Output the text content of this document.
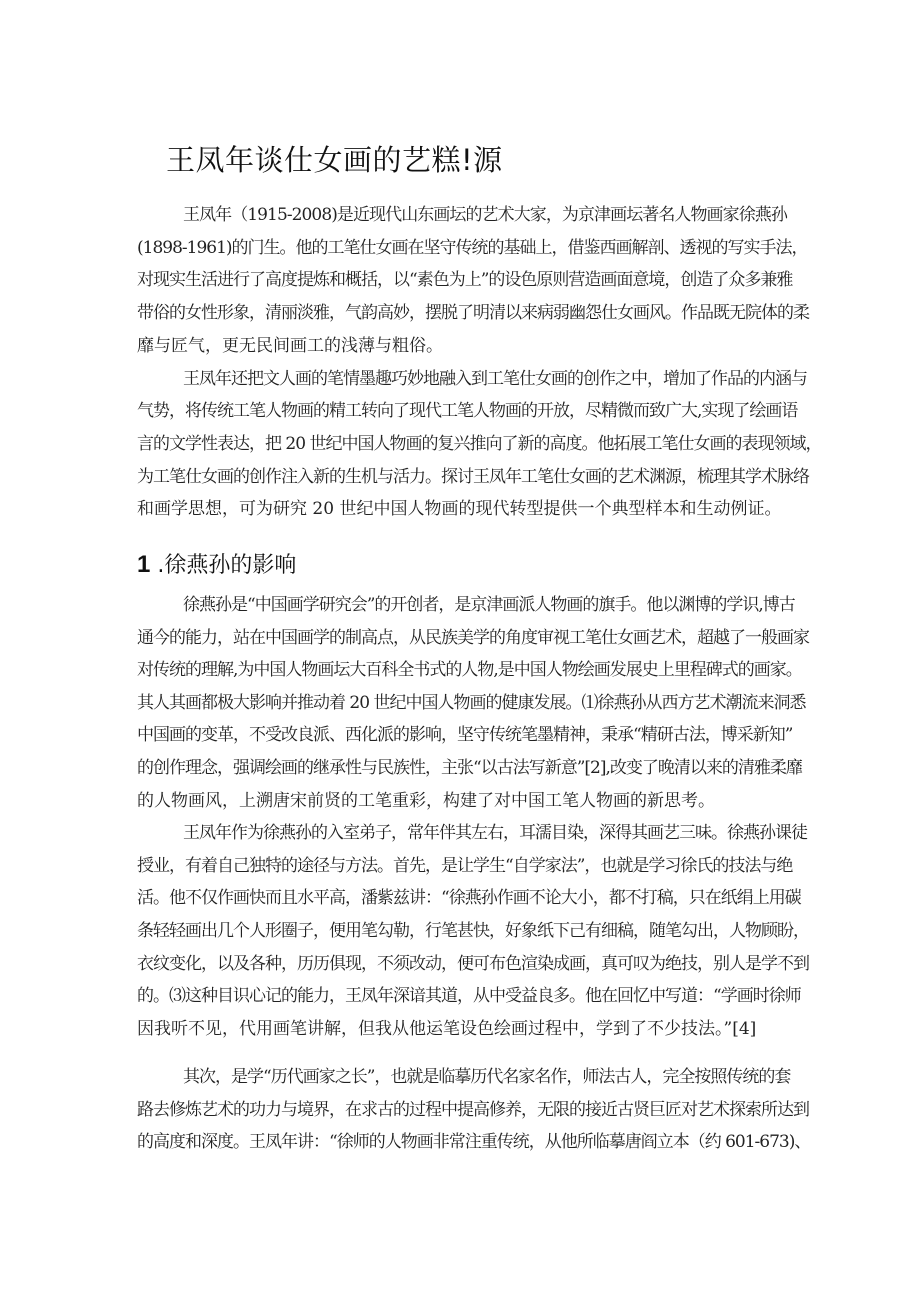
王凤年谈仕女画的艺糕!源
王凤年（1915-2008)是近现代山东画坛的艺术大家，为京津画坛著名人物画家徐燕孙
(1898-1961)的门生。他的工笔仕女画在坚守传统的基础上，借鉴西画解剖、透视的写实手法，
对现实生活进行了高度提炼和概括，以“素色为上”的设色原则营造画面意境，创造了众多兼雅
带俗的女性形象，清丽淡雅，气韵高妙，摆脱了明清以来病弱幽怨仕女画风。作品既无院体的柔
靡与匠气，更无民间画工的浅薄与粗俗。
王凤年还把文人画的笔情墨趣巧妙地融入到工笔仕女画的创作之中，增加了作品的内涵与
气势，将传统工笔人物画的精工转向了现代工笔人物画的开放，尽精微而致广大,实现了绘画语
言的文学性表达，把 20 世纪中国人物画的复兴推向了新的高度。他拓展工笔仕女画的表现领域，
为工笔仕女画的创作注入新的生机与活力。探讨王凤年工笔仕女画的艺术渊源，梳理其学术脉络
和画学思想，可为研究 20 世纪中国人物画的现代转型提供一个典型样本和生动例证。
1 .徐燕孙的影响
徐燕孙是“中国画学研究会”的开创者，是京津画派人物画的旗手。他以渊博的学识,博古
通今的能力，站在中国画学的制高点，从民族美学的角度审视工笔仕女画艺术，超越了一般画家
对传统的理解,为中国人物画坛大百科全书式的人物,是中国人物绘画发展史上里程碑式的画家。
其人其画都极大影响并推动着 20 世纪中国人物画的健康发展。⑴徐燕孙从西方艺术潮流来洞悉
中国画的变革，不受改良派、西化派的影响，坚守传统笔墨精神，秉承“精研古法，博采新知”
的创作理念，强调绘画的继承性与民族性，主张“以古法写新意”[2],改变了晚清以来的清雅柔靡
的人物画风，上溯唐宋前贤的工笔重彩，构建了对中国工笔人物画的新思考。
王凤年作为徐燕孙的入室弟子，常年伴其左右，耳濡目染，深得其画艺三味。徐燕孙课徒
授业，有着自己独特的途径与方法。首先，是让学生“自学家法”，也就是学习徐氏的技法与绝
活。他不仅作画快而且水平高，潘紫兹讲：“徐燕孙作画不论大小，都不打稿，只在纸绢上用碳
条轻轻画出几个人形圈子，便用笔勾勒，行笔甚快，好象纸下己有细稿，随笔勾出，人物顾盼，
衣纹变化，以及各种，历历俱现，不须改动，便可布色渲染成画，真可叹为绝技，别人是学不到
的。⑶这种目识心记的能力，王凤年深谙其道，从中受益良多。他在回忆中写道：“学画时徐师
因我听不见，代用画笔讲解，但我从他运笔设色绘画过程中，学到了不少技法。”[4]
其次，是学“历代画家之长”，也就是临摹历代名家名作，师法古人，完全按照传统的套
路去修炼艺术的功力与境界，在求古的过程中提高修养，无限的接近古贤巨匠对艺术探索所达到
的高度和深度。王凤年讲：“徐师的人物画非常注重传统，从他所临摹唐阎立本（约 601-673)、
